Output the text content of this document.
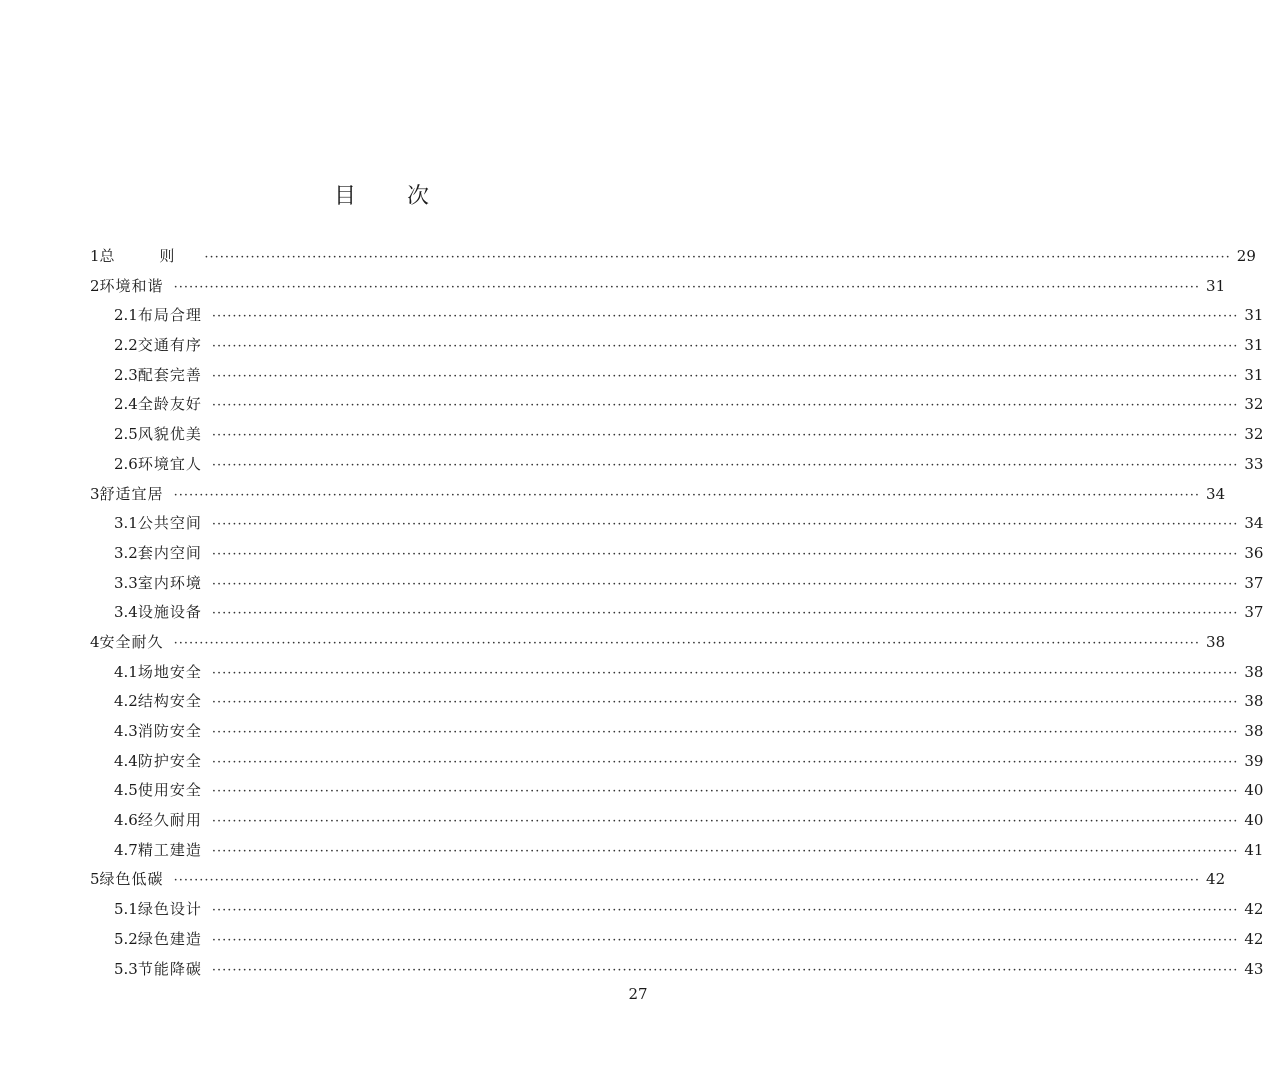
目 次
1 总 则 ········································································································································································································ 29
2 环境和谐 ········································································································································································································ 31
2.1 布局合理 ········································································································································································································ 31
2.2 交通有序 ········································································································································································································ 31
2.3 配套完善 ········································································································································································································ 31
2.4 全龄友好 ········································································································································································································ 32
2.5 风貌优美 ········································································································································································································ 32
2.6 环境宜人 ········································································································································································································ 33
3 舒适宜居 ········································································································································································································ 34
3.1 公共空间 ········································································································································································································ 34
3.2 套内空间 ········································································································································································································ 36
3.3 室内环境 ········································································································································································································ 37
3.4 设施设备 ········································································································································································································ 37
4 安全耐久 ········································································································································································································ 38
4.1 场地安全 ········································································································································································································ 38
4.2 结构安全 ········································································································································································································ 38
4.3 消防安全 ········································································································································································································ 38
4.4 防护安全 ········································································································································································································ 39
4.5 使用安全 ········································································································································································································ 40
4.6 经久耐用 ········································································································································································································ 40
4.7 精工建造 ········································································································································································································ 41
5 绿色低碳 ········································································································································································································ 42
5.1 绿色设计 ········································································································································································································ 42
5.2 绿色建造 ········································································································································································································ 42
5.3 节能降碳 ········································································································································································································ 43
27
